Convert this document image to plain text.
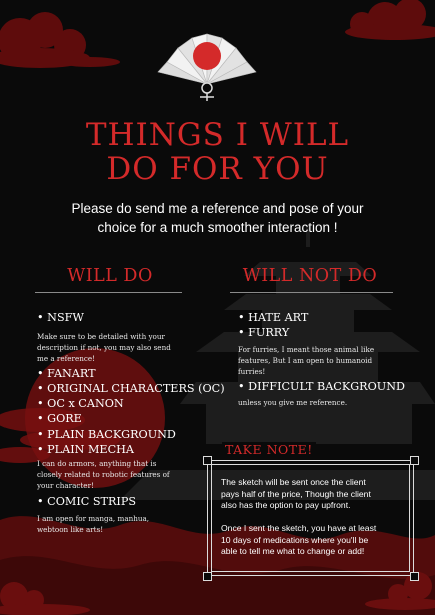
THINGS I WILL
DO FOR YOU
Please do send me a reference and pose of your
choice for a much smoother interaction !
WILL DO	WILL NOT DO
• NSFW
Make sure to be detailed with your
description if not, you may also send
me a reference!
• FANART
• ORIGINAL CHARACTERS (OC)
• OC x CANON
• GORE
• PLAIN BACKGROUND
• PLAIN MECHA
I can do armors, anything that is
closely related to robotic features of
your character!
• COMIC STRIPS
I am open for manga, manhua,
webtoon like arts!
• HATE ART
• FURRY
For furries, I meant those animal like
features, But I am open to humanoid
furries!
• DIFFICULT BACKGROUND
unless you give me reference.
TAKE NOTE!
The sketch will be sent once the client
pays half of the price, Though the client
also has the option to pay upfront.
Once I sent the sketch, you have at least
10 days of medications where you'll be
able to tell me what to change or add!
